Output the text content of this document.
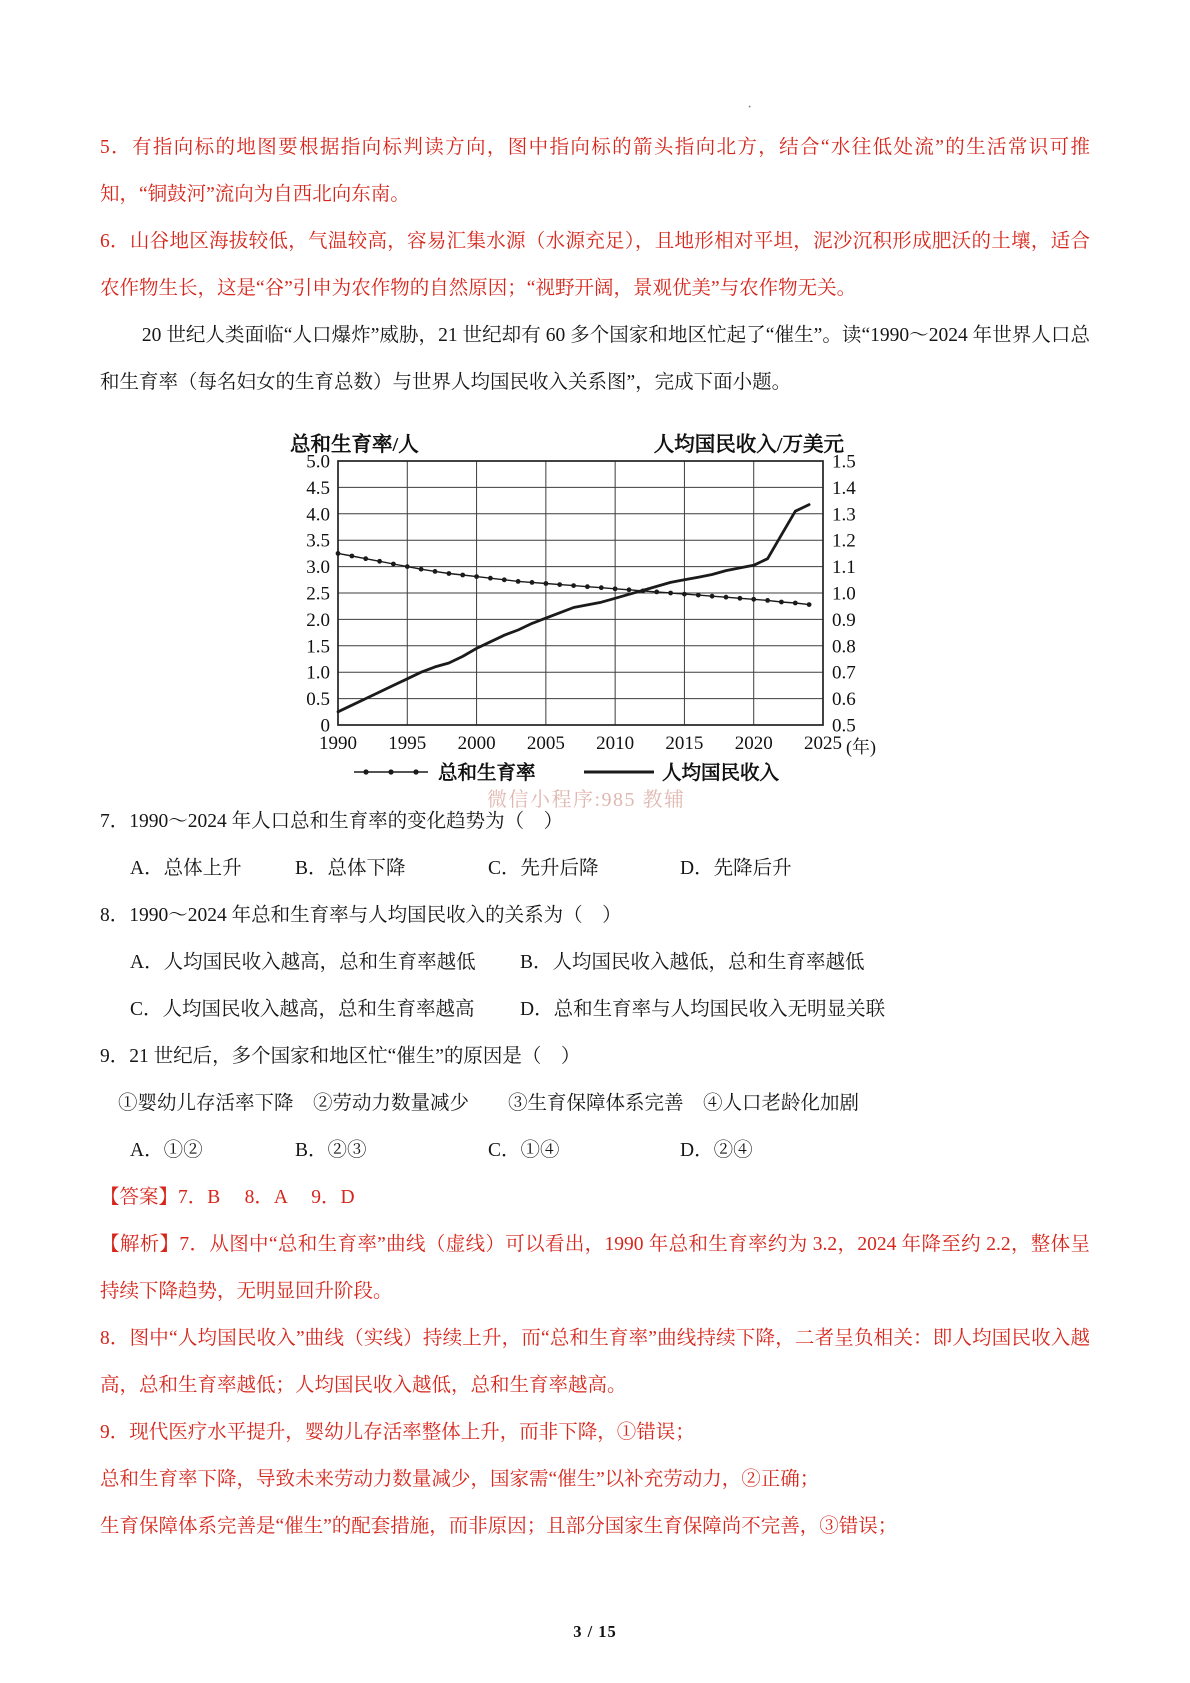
·

5．有指向标的地图要根据指向标判读方向，图中指向标的箭头指向北方，结合“水往低处流”的生活常识可推知，“铜鼓河”流向为自西北向东南。

6．山谷地区海拔较低，气温较高，容易汇集水源（水源充足），且地形相对平坦，泥沙沉积形成肥沃的土壤，适合农作物生长，这是“谷”引申为农作物的自然原因；“视野开阔，景观优美”与农作物无关。

20 世纪人类面临“人口爆炸”威胁，21 世纪却有 60 多个国家和地区忙起了“催生”。读“1990～2024 年世界人口总和生育率（每名妇女的生育总数）与世界人均国民收入关系图”，完成下面小题。

5.0
4.5
4.0
3.5
3.0
2.5
2.0
1.5
1.0
0.5
0
1.5
1.4
1.3
1.2
1.1
1.0
0.9
0.8
0.7
0.6
0.5
1990 1995 2000 2005 2010 2015 2020 2025 (年)
总和生育率/人	人均国民收入/万美元
总和生育率	人均国民收入

7．1990～2024 年人口总和生育率的变化趋势为（　）

A．总体上升	B．总体下降	C．先升后降	D．先降后升

8．1990～2024 年总和生育率与人均国民收入的关系为（　）

A．人均国民收入越高，总和生育率越低	B．人均国民收入越低，总和生育率越低
C．人均国民收入越高，总和生育率越高	D．总和生育率与人均国民收入无明显关联

9．21 世纪后，多个国家和地区忙“催生”的原因是（　）

①婴幼儿存活率下降　②劳动力数量减少　　③生育保障体系完善　④人口老龄化加剧

A．①②	B．②③	C．①④	D．②④

【答案】7．B　 8．A　 9．D

【解析】7．从图中“总和生育率”曲线（虚线）可以看出，1990 年总和生育率约为 3.2，2024 年降至约 2.2，整体呈持续下降趋势，无明显回升阶段。

8．图中“人均国民收入”曲线（实线）持续上升，而“总和生育率”曲线持续下降，二者呈负相关：即人均国民收入越高，总和生育率越低；人均国民收入越低，总和生育率越高。

9．现代医疗水平提升，婴幼儿存活率整体上升，而非下降，①错误；

总和生育率下降，导致未来劳动力数量减少，国家需“催生”以补充劳动力，②正确；

生育保障体系完善是“催生”的配套措施，而非原因；且部分国家生育保障尚不完善，③错误；

微信小程序:985 教辅
3 / 15
